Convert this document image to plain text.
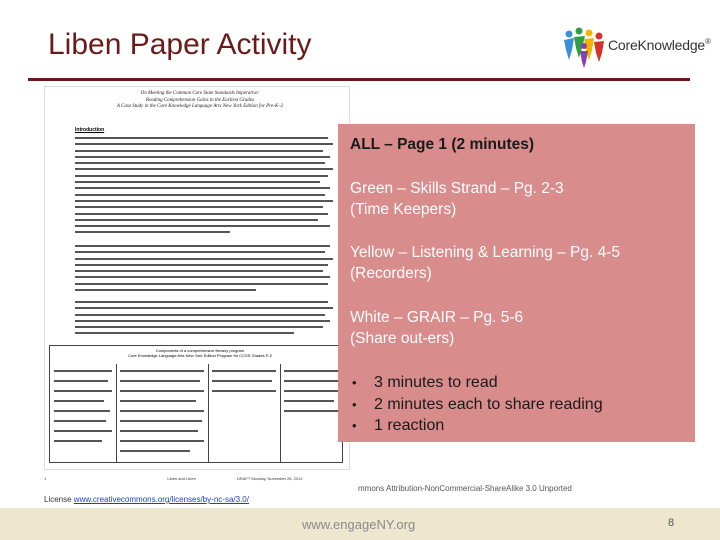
Liben Paper Activity	CoreKnowledge®
On Meeting the Common Core State Standards Imperative:
Reading Comprehension Gains in the Earliest Grades
A Case Study in the Core Knowledge Language Arts New York Edition for Pre-K–2
Introduction
Components of a comprehensive literacy program
Core Knowledge Language Arts New York Edition Program for CCSS Grades P-2
1	Liben and Liben	DRAFT Monday, November 26, 2012
ALL – Page 1 (2 minutes)
Green – Skills Strand – Pg. 2-3
(Time Keepers)
Yellow – Listening & Learning – Pg. 4-5
(Recorders)
White – GRAIR – Pg. 5-6
(Share out-ers)
• 3 minutes to read
• 2 minutes each to share reading
• 1 reaction
mmons Attribution-NonCommercial-ShareAlike 3.0 Unported
License www.creativecommons.org/licenses/by-nc-sa/3.0/
www.engageNY.org	8
